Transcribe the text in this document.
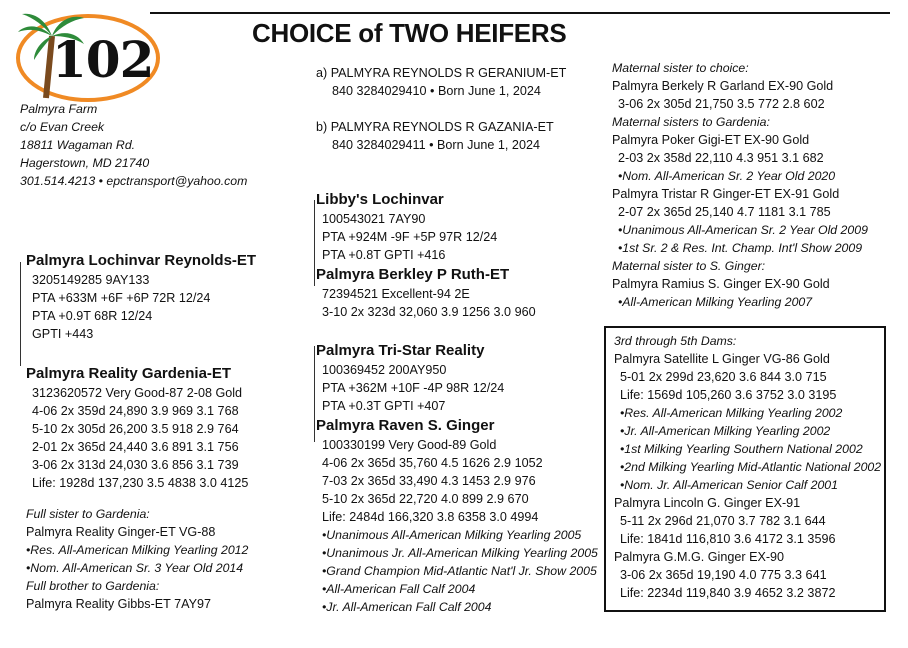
102	CHOICE of TWO HEIFERS
Palmyra Farm
c/o Evan Creek
18811 Wagaman Rd.
Hagerstown, MD 21740
301.514.4213 • epctransport@yahoo.com
a) PALMYRA REYNOLDS R GERANIUM-ET
840 3284029410 • Born June 1, 2024
b) PALMYRA REYNOLDS R GAZANIA-ET
840 3284029411 • Born June 1, 2024
Palmyra Lochinvar Reynolds-ET
3205149285 9AY133
PTA +633M +6F +6P 72R 12/24
PTA +0.9T 68R 12/24
GPTI +443
Palmyra Reality Gardenia-ET
3123620572 Very Good-87 2-08 Gold
4-06 2x 359d 24,890 3.9 969 3.1 768
5-10 2x 305d 26,200 3.5 918 2.9 764
2-01 2x 365d 24,440 3.6 891 3.1 756
3-06 2x 313d 24,030 3.6 856 3.1 739
Life: 1928d 137,230 3.5 4838 3.0 4125
Full sister to Gardenia:
Palmyra Reality Ginger-ET VG-88
•Res. All-American Milking Yearling 2012
•Nom. All-American Sr. 3 Year Old 2014
Full brother to Gardenia:
Palmyra Reality Gibbs-ET 7AY97
Libby's Lochinvar
100543021 7AY90
PTA +924M -9F +5P 97R 12/24
PTA +0.8T GPTI +416
Palmyra Berkley P Ruth-ET
72394521 Excellent-94 2E
3-10 2x 323d 32,060 3.9 1256 3.0 960
Palmyra Tri-Star Reality
100369452 200AY950
PTA +362M +10F -4P 98R 12/24
PTA +0.3T GPTI +407
Palmyra Raven S. Ginger
100330199 Very Good-89 Gold
4-06 2x 365d 35,760 4.5 1626 2.9 1052
7-03 2x 365d 33,490 4.3 1453 2.9 976
5-10 2x 365d 22,720 4.0 899 2.9 670
Life: 2484d 166,320 3.8 6358 3.0 4994
•Unanimous All-American Milking Yearling 2005
•Unanimous Jr. All-American Milking Yearling 2005
•Grand Champion Mid-Atlantic Nat'l Jr. Show 2005
•All-American Fall Calf 2004
•Jr. All-American Fall Calf 2004
Maternal sister to choice:
Palmyra Berkely R Garland EX-90 Gold
3-06 2x 305d 21,750 3.5 772 2.8 602
Maternal sisters to Gardenia:
Palmyra Poker Gigi-ET EX-90 Gold
2-03 2x 358d 22,110 4.3 951 3.1 682
•Nom. All-American Sr. 2 Year Old 2020
Palmyra Tristar R Ginger-ET EX-91 Gold
2-07 2x 365d 25,140 4.7 1181 3.1 785
•Unanimous All-American Sr. 2 Year Old 2009
•1st Sr. 2 & Res. Int. Champ. Int'l Show 2009
Maternal sister to S. Ginger:
Palmyra Ramius S. Ginger EX-90 Gold
•All-American Milking Yearling 2007
3rd through 5th Dams:
Palmyra Satellite L Ginger VG-86 Gold
5-01 2x 299d 23,620 3.6 844 3.0 715
Life: 1569d 105,260 3.6 3752 3.0 3195
•Res. All-American Milking Yearling 2002
•Jr. All-American Milking Yearling 2002
•1st Milking Yearling Southern National 2002
•2nd Milking Yearling Mid-Atlantic National 2002
•Nom. Jr. All-American Senior Calf 2001
Palmyra Lincoln G. Ginger EX-91
5-11 2x 296d 21,070 3.7 782 3.1 644
Life: 1841d 116,810 3.6 4172 3.1 3596
Palmyra G.M.G. Ginger EX-90
3-06 2x 365d 19,190 4.0 775 3.3 641
Life: 2234d 119,840 3.9 4652 3.2 3872
